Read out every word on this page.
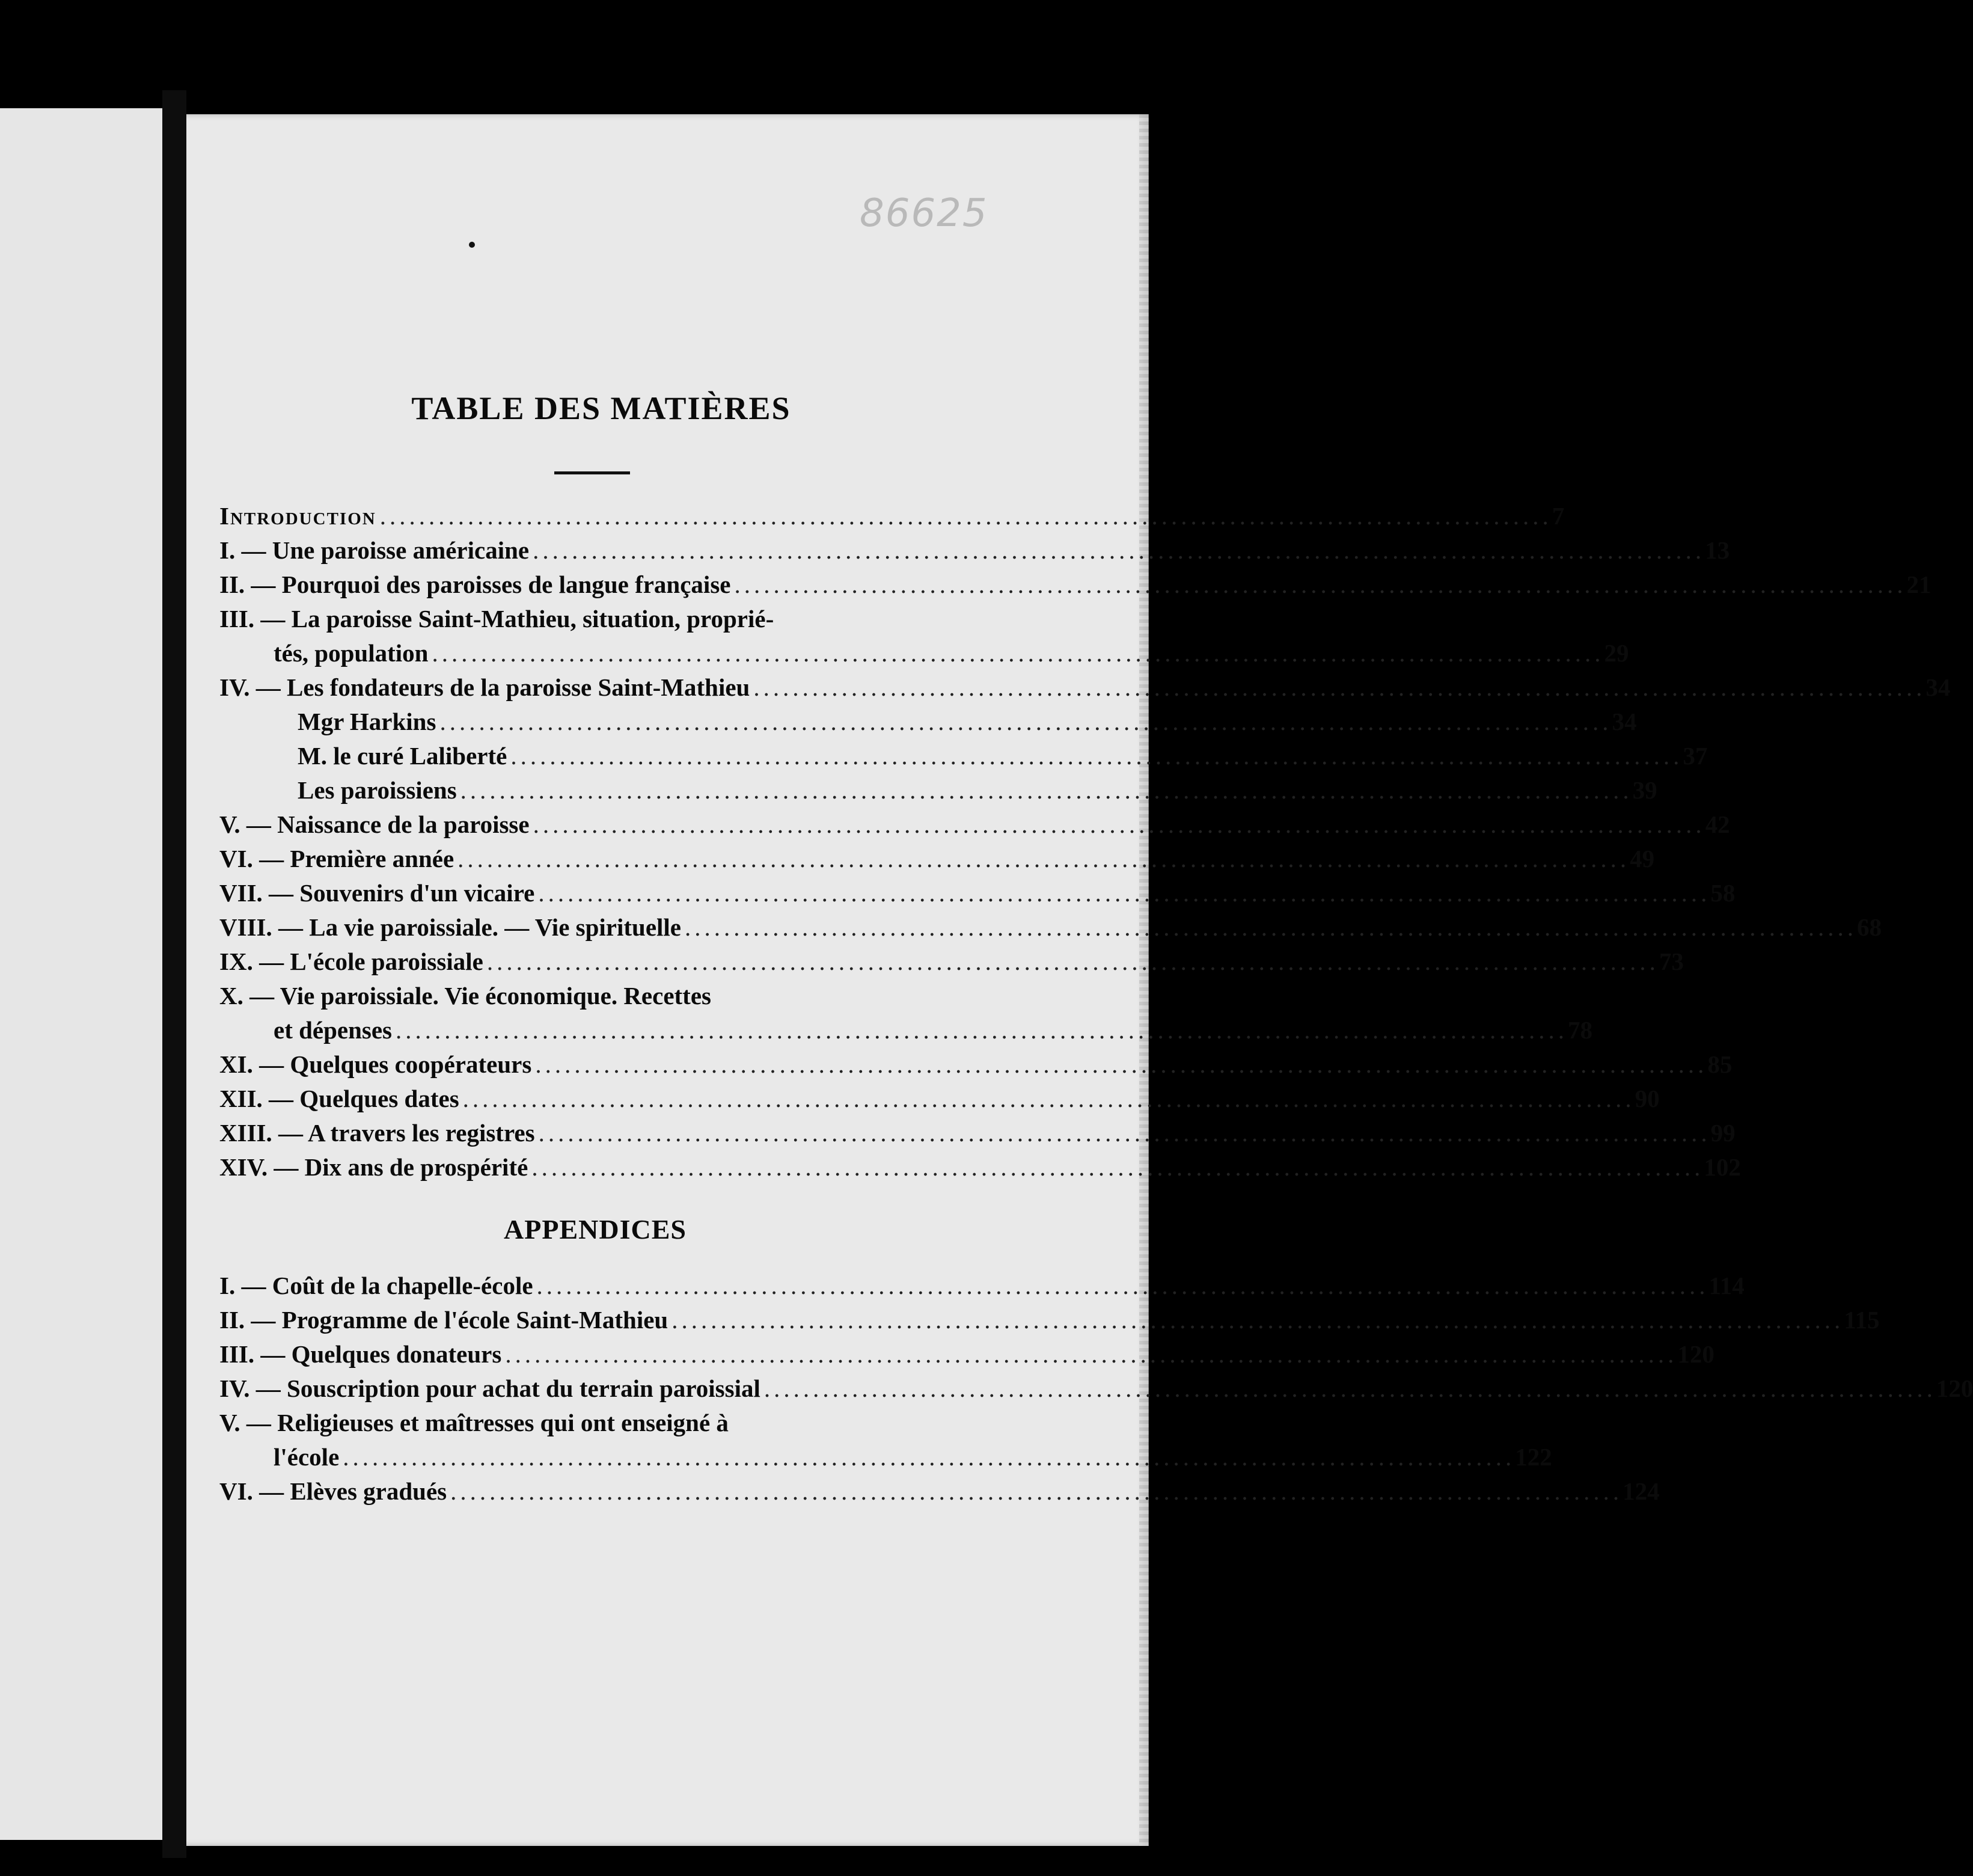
86625
TABLE DES MATIÈRES
Introduction ........................................................................................................................ 7
I. — Une paroisse américaine ........................................................................................................................ 13
II. — Pourquoi des paroisses de langue française ........................................................................................................................ 21
III. — La paroisse Saint-Mathieu, situation, proprié-
tés, population ........................................................................................................................ 29
IV. — Les fondateurs de la paroisse Saint-Mathieu ........................................................................................................................ 34
Mgr Harkins ........................................................................................................................ 34
M. le curé Laliberté ........................................................................................................................ 37
Les paroissiens ........................................................................................................................ 39
V. — Naissance de la paroisse ........................................................................................................................ 42
VI. — Première année ........................................................................................................................ 49
VII. — Souvenirs d'un vicaire ........................................................................................................................ 58
VIII. — La vie paroissiale. — Vie spirituelle ........................................................................................................................ 68
IX. — L'école paroissiale ........................................................................................................................ 73
X. — Vie paroissiale. Vie économique. Recettes
et dépenses ........................................................................................................................ 78
XI. — Quelques coopérateurs ........................................................................................................................ 85
XII. — Quelques dates ........................................................................................................................ 90
XIII. — A travers les registres ........................................................................................................................ 99
XIV. — Dix ans de prospérité ........................................................................................................................ 102
APPENDICES
I. — Coût de la chapelle-école ........................................................................................................................ 114
II. — Programme de l'école Saint-Mathieu ........................................................................................................................ 115
III. — Quelques donateurs ........................................................................................................................ 120
IV. — Souscription pour achat du terrain paroissial ........................................................................................................................ 120
V. — Religieuses et maîtresses qui ont enseigné à
l'école ........................................................................................................................ 122
VI. — Elèves gradués ........................................................................................................................ 124
